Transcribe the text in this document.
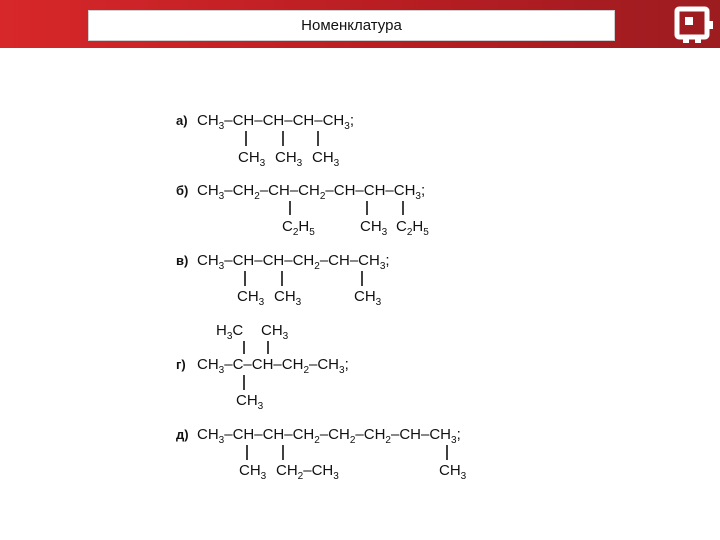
Номенклатура
а) $CH_3-CH-CH-CH-CH_3$;
$CH_3$ $CH_3$ $CH_3$
б) $CH_3-CH_2-CH-CH_2-CH-CH-CH_3$;
$C_2H_5$	$CH_3$ $C_2H_5$
в) $CH_3-CH-CH-CH_2-CH-CH_3$;
$CH_3$ $CH_3$	$CH_3$
$H_3C$ $CH_3$
г) $CH_3-C-CH-CH_2-CH_3$;
$CH_3$
д) $CH_3-CH-CH-CH_2-CH_2-CH_2-CH-CH_3$;
$CH_3$ $CH_2-CH_3$	$CH_3$
